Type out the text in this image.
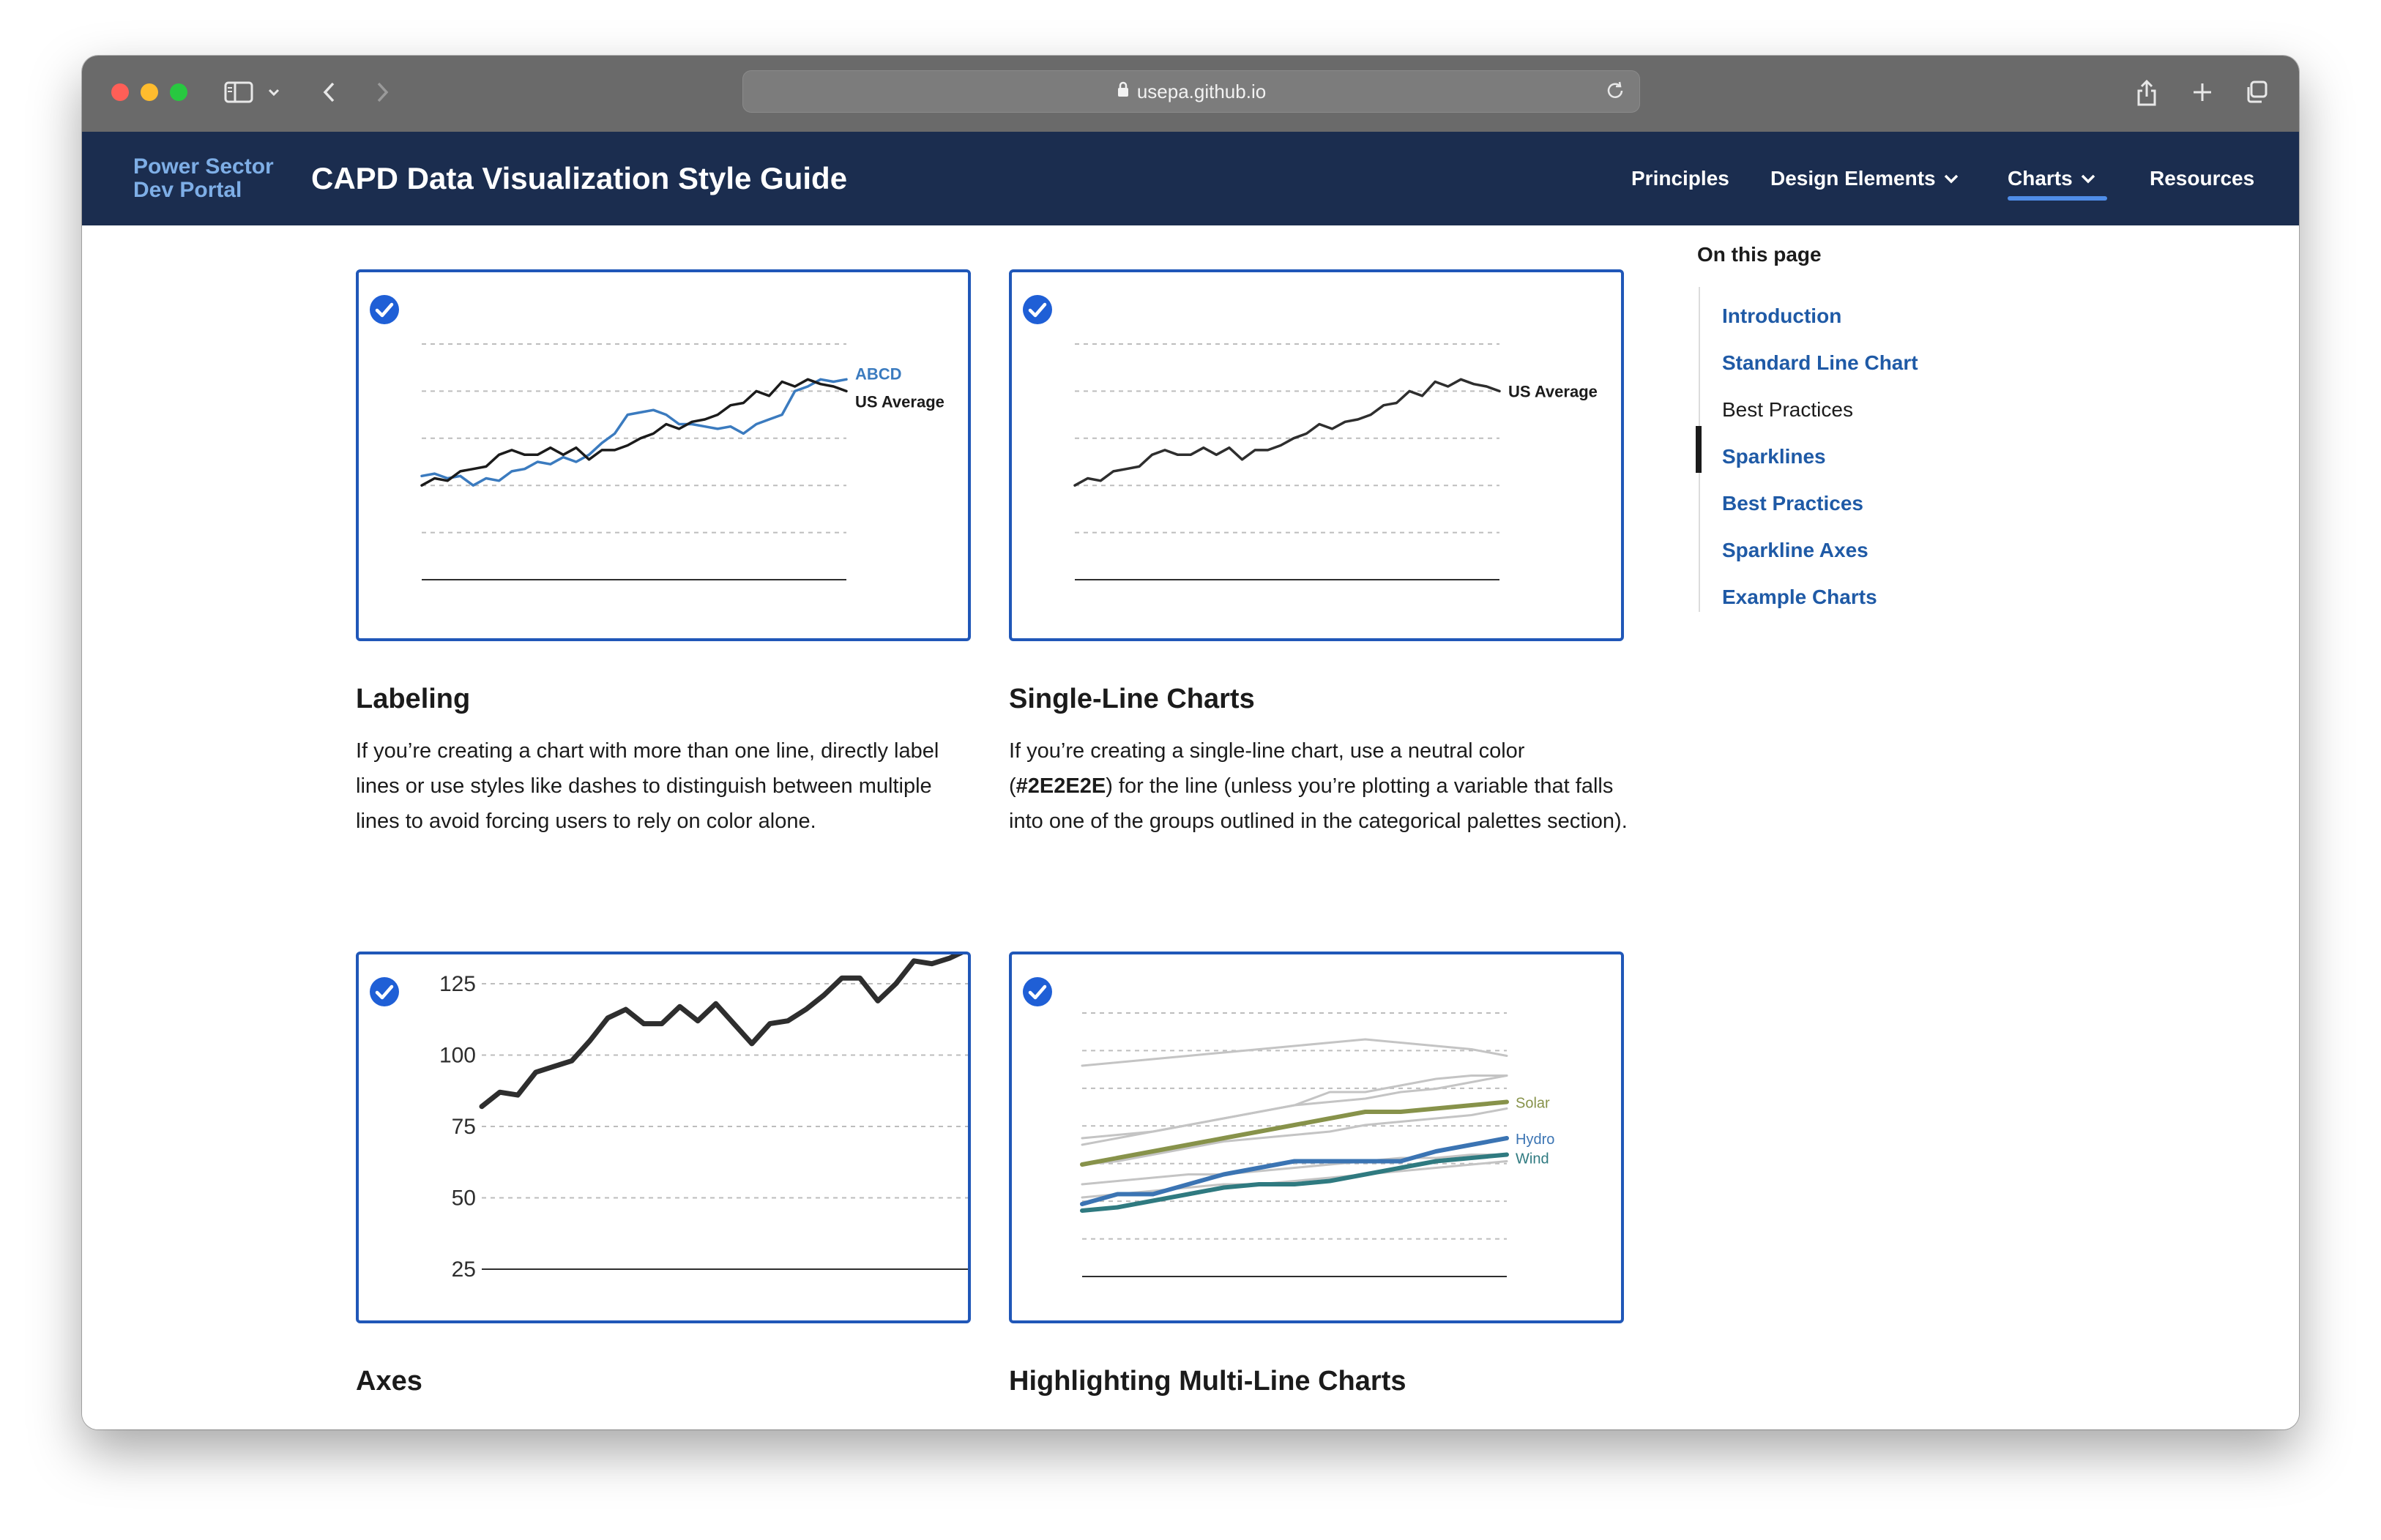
usepa.github.io
Power Sector
Dev Portal	CAPD Data Visualization Style Guide	Principles Design Elements	Charts	Resources
ABCD
US Average
US Average
Labeling

If you’re creating a chart with more than one line, directly label lines or use styles like dashes to distinguish between multiple lines to avoid forcing users to rely on color alone.

Single-Line Charts

If you’re creating a single-line chart, use a neutral color (#2E2E2E) for the line (unless you’re plotting a variable that falls into one of the groups outlined in the categorical palettes section).

125
100
75
50
25
Solar
Hydro
Wind
Axes	Highlighting Multi-Line Charts
On this page
Introduction
Standard Line Chart
Best Practices
Sparklines
Best Practices
Sparkline Axes
Example Charts
